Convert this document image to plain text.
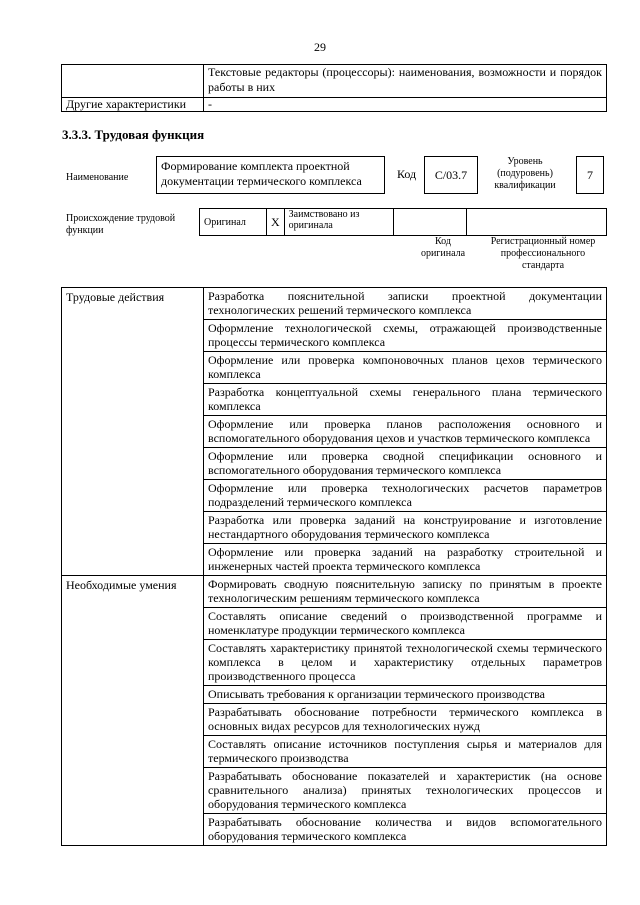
29
	Текстовые редакторы (процессоры): наименования, возможности и порядок работы в них
Другие характеристики	-
3.3.3. Трудовая функция
Наименование
Формирование комплекта проектной документации термического комплекса	Код	C/03.7
Уровень (подуровень) квалификации
7
Происхождение трудовой функции
Оригинал	X	Заимствовано из оригинала		
Код оригинала
Регистрационный номер профессионального стандарта
Трудовые действия	Разработка пояснительной записки проектной документации технологических решений термического комплекса
	Оформление технологической схемы, отражающей производственные процессы термического комплекса
	Оформление или проверка компоновочных планов цехов термического комплекса
	Разработка концептуальной схемы генерального плана термического комплекса
	Оформление или проверка планов расположения основного и вспомогательного оборудования цехов и участков термического комплекса
	Оформление или проверка сводной спецификации основного и вспомогательного оборудования термического комплекса
	Оформление или проверка технологических расчетов параметров подразделений термического комплекса
	Разработка или проверка заданий на конструирование и изготовление нестандартного оборудования термического комплекса
	Оформление или проверка заданий на разработку строительной и инженерных частей проекта термического комплекса
Необходимые умения	Формировать сводную пояснительную записку по принятым в проекте технологическим решениям термического комплекса
	Составлять описание сведений о производственной программе и номенклатуре продукции термического комплекса
	Составлять характеристику принятой технологической схемы термического комплекса в целом и характеристику отдельных параметров производственного процесса
	Описывать требования к организации термического производства
	Разрабатывать обоснование потребности термического комплекса в основных видах ресурсов для технологических нужд
	Составлять описание источников поступления сырья и материалов для термического производства
	Разрабатывать обоснование показателей и характеристик (на основе сравнительного анализа) принятых технологических процессов и оборудования термического комплекса
	Разрабатывать обоснование количества и видов вспомогательного оборудования термического комплекса
